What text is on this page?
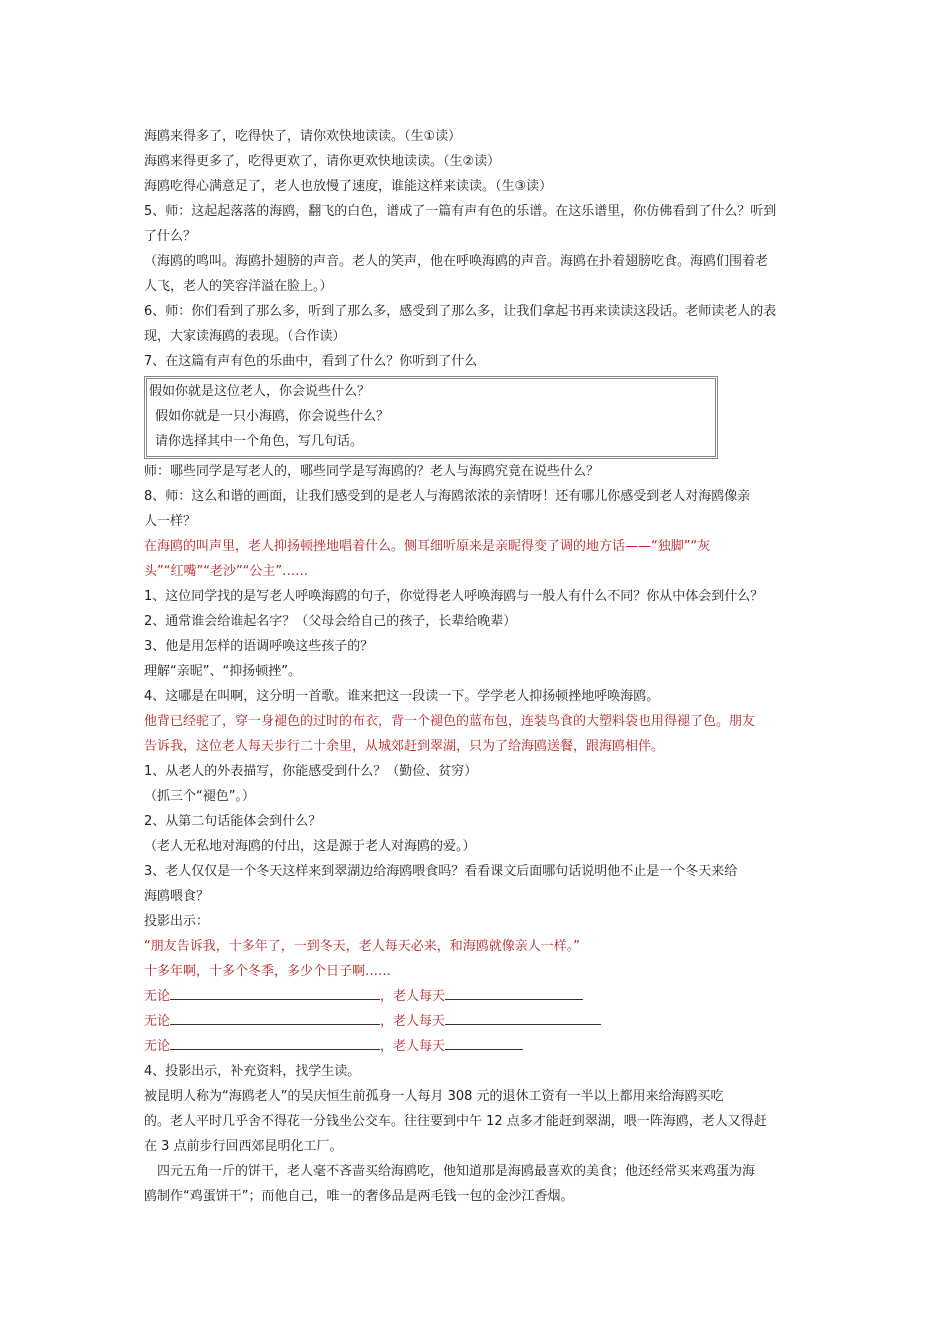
海鸥来得多了，吃得快了，请你欢快地读读。（生①读）

海鸥来得更多了，吃得更欢了，请你更欢快地读读。（生②读）

海鸥吃得心满意足了，老人也放慢了速度，谁能这样来读读。（生③读）

5、师：这起起落落的海鸥，翻飞的白色，谱成了一篇有声有色的乐谱。在这乐谱里，你仿佛看到了什么？听到

了什么？

（海鸥的鸣叫。海鸥扑翅膀的声音。老人的笑声，他在呼唤海鸥的声音。海鸥在扑着翅膀吃食。海鸥们围着老

人飞，老人的笑容洋溢在脸上。）

6、师：你们看到了那么多，听到了那么多，感受到了那么多，让我们拿起书再来读读这段话。老师读老人的表

现，大家读海鸥的表现。（合作读）

7、在这篇有声有色的乐曲中，看到了什么？你听到了什么

假如你就是这位老人，你会说些什么？

假如你就是一只小海鸥，你会说些什么？

请你选择其中一个角色，写几句话。

师：哪些同学是写老人的，哪些同学是写海鸥的？老人与海鸥究竟在说些什么？

8、师：这么和谐的画面，让我们感受到的是老人与海鸥浓浓的亲情呀！还有哪儿你感受到老人对海鸥像亲

人一样？

在海鸥的叫声里，老人抑扬顿挫地唱着什么。侧耳细听原来是亲昵得变了调的地方话——“独脚”“灰

头”“红嘴”“老沙”“公主”……

1、这位同学找的是写老人呼唤海鸥的句子，你觉得老人呼唤海鸥与一般人有什么不同？你从中体会到什么？

2、通常谁会给谁起名字？（父母会给自己的孩子，长辈给晚辈）

3、他是用怎样的语调呼唤这些孩子的？

理解“亲昵”、“抑扬顿挫”。

4、这哪是在叫啊，这分明一首歌。谁来把这一段读一下。学学老人抑扬顿挫地呼唤海鸥。

他背已经驼了，穿一身褪色的过时的布衣，背一个褪色的蓝布包，连装鸟食的大塑料袋也用得褪了色。朋友

告诉我，这位老人每天步行二十余里，从城郊赶到翠湖，只为了给海鸥送餐，跟海鸥相伴。

1、从老人的外表描写，你能感受到什么？（勤俭、贫穷）

（抓三个“褪色”。）

2、从第二句话能体会到什么？

（老人无私地对海鸥的付出，这是源于老人对海鸥的爱。）

3、老人仅仅是一个冬天这样来到翠湖边给海鸥喂食吗？看看课文后面哪句话说明他不止是一个冬天来给

海鸥喂食？

投影出示：

“朋友告诉我，十多年了，一到冬天，老人每天必来，和海鸥就像亲人一样。”

十多年啊，十多个冬季，多少个日子啊……

无论	，老人每天

无论	，老人每天

无论	，老人每天

4、投影出示，补充资料，找学生读。

被昆明人称为“海鸥老人”的吴庆恒生前孤身一人每月 308 元的退休工资有一半以上都用来给海鸥买吃

的。老人平时几乎舍不得花一分钱坐公交车。往往要到中午 12 点多才能赶到翠湖，喂一阵海鸥，老人又得赶

在 3 点前步行回西郊昆明化工厂。

　四元五角一斤的饼干，老人毫不吝啬买给海鸥吃，他知道那是海鸥最喜欢的美食；他还经常买来鸡蛋为海

鸥制作“鸡蛋饼干”；而他自己，唯一的奢侈品是两毛钱一包的金沙江香烟。
